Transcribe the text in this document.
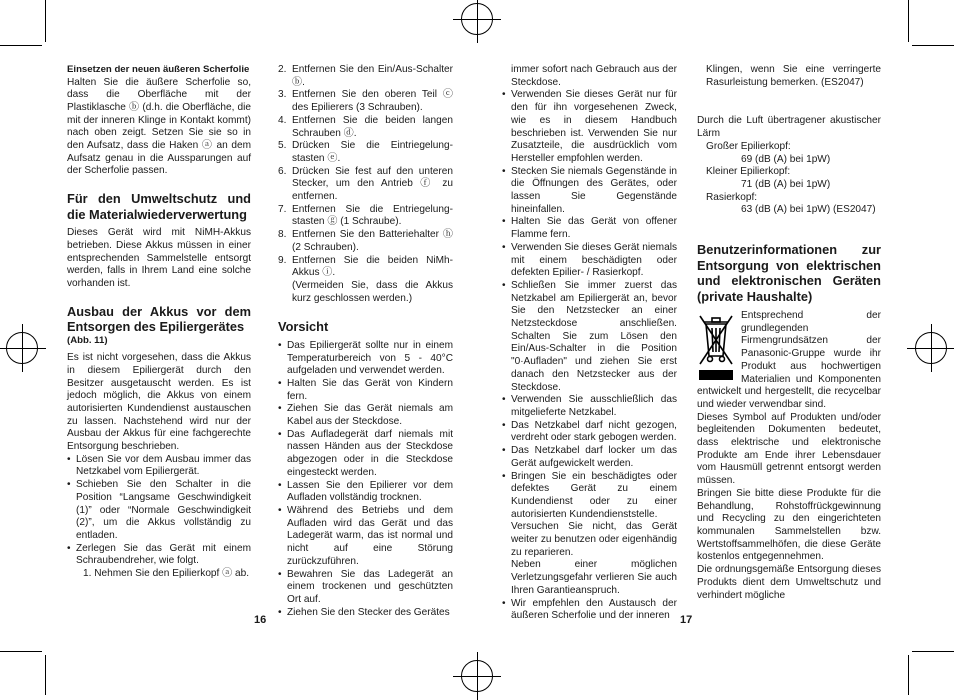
Einsetzen der neuen äußeren Scherfolie

Halten Sie die äußere Scherfolie so, dass die Oberfläche mit der Plastiklasche ⓑ (d.h. die Oberfläche, die mit der inneren Klinge in Kontakt kommt) nach oben zeigt. Setzen Sie sie so in den Aufsatz, dass die Haken ⓐ an dem Aufsatz genau in die Aussparungen auf der Scherfolie passen.

Für den Umweltschutz und die Materialwiederverwertung

Dieses Gerät wird mit NiMH-Akkus betrieben. Diese Akkus müssen in einer entsprechenden Sammelstelle entsorgt werden, falls in Ihrem Land eine solche vorhanden ist.

Ausbau der Akkus vor dem Entsorgen des Epiliergerätes

(Abb. 11)

Es ist nicht vorgesehen, dass die Akkus in diesem Epiliergerät durch den Besitzer ausgetauscht werden. Es ist jedoch möglich, die Akkus von einem autorisierten Kundendienst austauschen zu lassen. Nachstehend wird nur der Ausbau der Akkus für eine fachgerechte Entsorgung beschrieben.

• Lösen Sie vor dem Ausbau immer das Netzkabel vom Epiliergerät.
• Schieben Sie den Schalter in die Position “Langsame Geschwindigkeit (1)” oder “Normale Geschwindigkeit (2)”, um die Akkus vollständig zu entladen.
• Zerlegen Sie das Gerät mit einem Schraubendreher, wie folgt.

1. Nehmen Sie den Epilierkopf ⓐ ab.

16
2. Entfernen Sie den Ein/Aus-Schalter ⓑ.
3. Entfernen Sie den oberen Teil ⓒ des Epilierers (3 Schrauben).
4. Entfernen Sie die beiden langen Schrauben ⓓ.
5. Drücken Sie die Eintriegelung-stasten ⓔ.
6. Drücken Sie fest auf den unteren Stecker, um den Antrieb ⓕ zu entfernen.
7. Entfernen Sie die Entriegelung-stasten ⓖ (1 Schraube).
8. Entfernen Sie den Batteriehalter ⓗ (2 Schrauben).
9. Entfernen Sie die beiden NiMh-Akkus ⓘ.
(Vermeiden Sie, dass die Akkus kurz geschlossen werden.)

Vorsicht

• Das Epiliergerät sollte nur in einem Temperaturbereich von 5 - 40°C aufgeladen und verwendet werden.
• Halten Sie das Gerät von Kindern fern.
• Ziehen Sie das Gerät niemals am Kabel aus der Steckdose.
• Das Aufladegerät darf niemals mit nassen Händen aus der Steckdose abgezogen oder in die Steckdose eingesteckt werden.
• Lassen Sie den Epilierer vor dem Aufladen vollständig trocknen.
• Während des Betriebs und dem Aufladen wird das Gerät und das Ladegerät warm, das ist normal und nicht auf eine Störung zurückzuführen.
• Bewahren Sie das Ladegerät an einem trockenen und geschützten Ort auf.
• Ziehen Sie den Stecker des Gerätes

immer sofort nach Gebrauch aus der Steckdose.

• Verwenden Sie dieses Gerät nur für den für ihn vorgesehenen Zweck, wie es in diesem Handbuch beschrieben ist. Verwenden Sie nur Zusatzteile, die ausdrücklich vom Hersteller empfohlen werden.
• Stecken Sie niemals Gegenstände in die Öffnungen des Gerätes, oder lassen Sie Gegenstände hineinfallen.
• Halten Sie das Gerät von offener Flamme fern.
• Verwenden Sie dieses Gerät niemals mit einem beschädigten oder defekten Epilier- / Rasierkopf.
• Schließen Sie immer zuerst das Netzkabel am Epiliergerät an, bevor Sie den Netzstecker an einer Netzsteckdose anschließen. Schalten Sie zum Lösen den Ein/Aus-Schalter in die Position "0·Aufladen" und ziehen Sie erst danach den Netzstecker aus der Steckdose.
• Verwenden Sie ausschließlich das mitgelieferte Netzkabel.
• Das Netzkabel darf nicht gezogen, verdreht oder stark gebogen werden.
• Das Netzkabel darf locker um das Gerät aufgewickelt werden.
• Bringen Sie ein beschädigtes oder defektes Gerät zu einem Kundendienst oder zu einer autorisierten Kundendienststelle.

Versuchen Sie nicht, das Gerät weiter zu benutzen oder eigenhändig zu reparieren.

Neben einer möglichen Verletzungsgefahr verlieren Sie auch Ihren Garantieanspruch.

• Wir empfehlen den Austausch der äußeren Scherfolie und der inneren 17

Klingen, wenn Sie eine verringerte Rasurleistung bemerken. (ES2047)

Durch die Luft übertragener akustischer Lärm

Großer Epilierkopf:
69 (dB (A) bei 1pW)
Kleiner Epilierkopf:
71 (dB (A) bei 1pW)
Rasierkopf:
63 (dB (A) bei 1pW) (ES2047)

Benutzerinformationen zur Entsorgung von elektrischen und elektronischen Geräten (private Haushalte)

Entsprechend der grundlegenden Firmengrundsätzen der Panasonic-Gruppe wurde ihr Produkt aus hochwertigen Materialien und Komponenten entwickelt und hergestellt, die recycelbar und wieder verwendbar sind.

Dieses Symbol auf Produkten und/oder begleitenden Dokumenten bedeutet, dass elektrische und elektronische Produkte am Ende ihrer Lebensdauer vom Hausmüll getrennt entsorgt werden müssen.

Bringen Sie bitte diese Produkte für die Behandlung, Rohstoffrückgewinnung und Recycling zu den eingerichteten kommunalen Sammelstellen bzw. Wertstoffsammelhöfen, die diese Geräte kostenlos entgegennehmen.

Die ordnungsgemäße Entsorgung dieses Produkts dient dem Umweltschutz und verhindert mögliche
